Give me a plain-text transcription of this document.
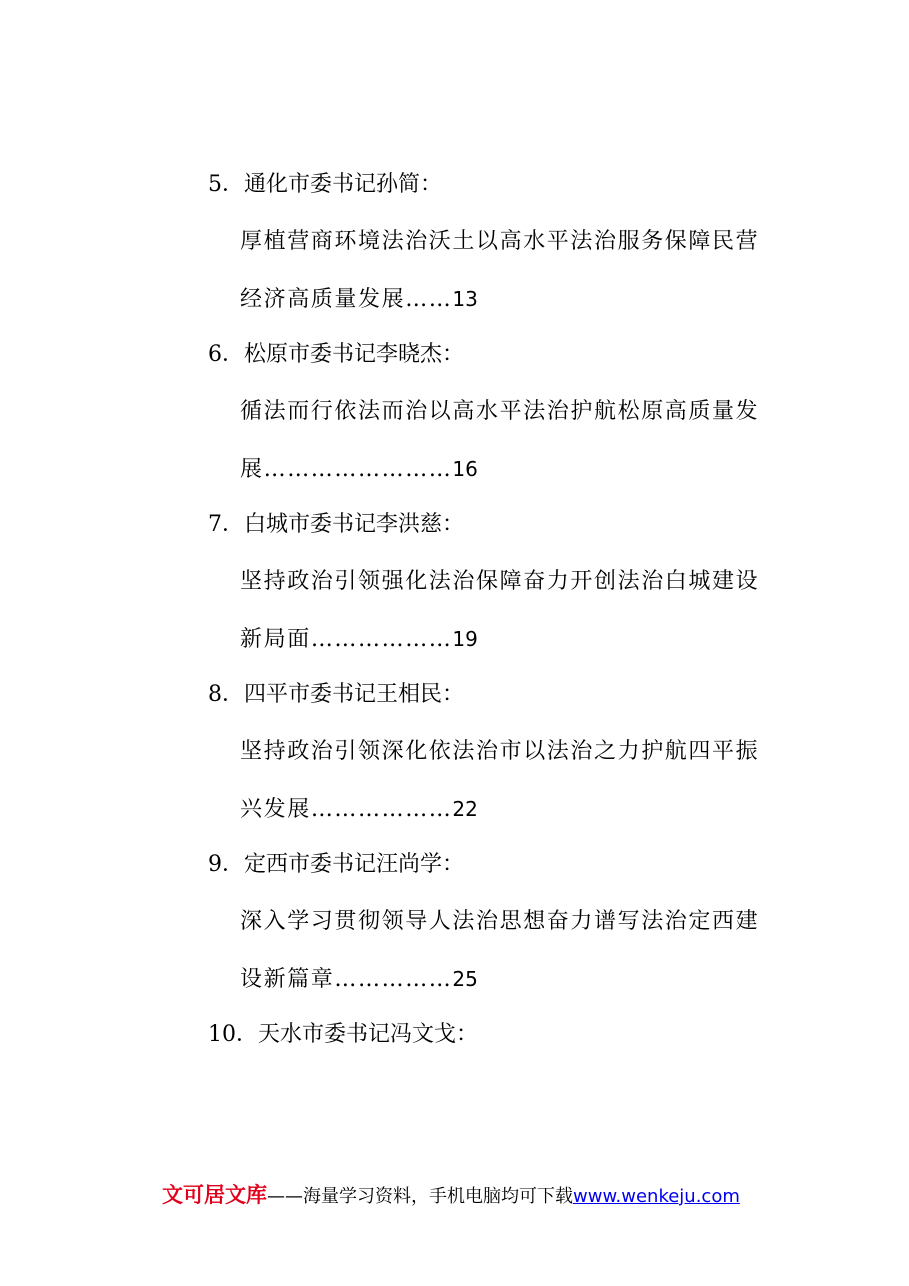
5．通化市委书记孙简：
厚植营商环境法治沃土以高水平法治服务保障民营
经济高质量发展……13
6．松原市委书记李晓杰：
循法而行依法而治以高水平法治护航松原高质量发
展……………………16
7．白城市委书记李洪慈：
坚持政治引领强化法治保障奋力开创法治白城建设
新局面………………19
8．四平市委书记王相民：
坚持政治引领深化依法治市以法治之力护航四平振
兴发展………………22
9．定西市委书记汪尚学：
深入学习贯彻领导人法治思想奋力谱写法治定西建
设新篇章……………25
10．天水市委书记冯文戈：
文可居文库——海量学习资料，手机电脑均可下载www.wenkeju.com
